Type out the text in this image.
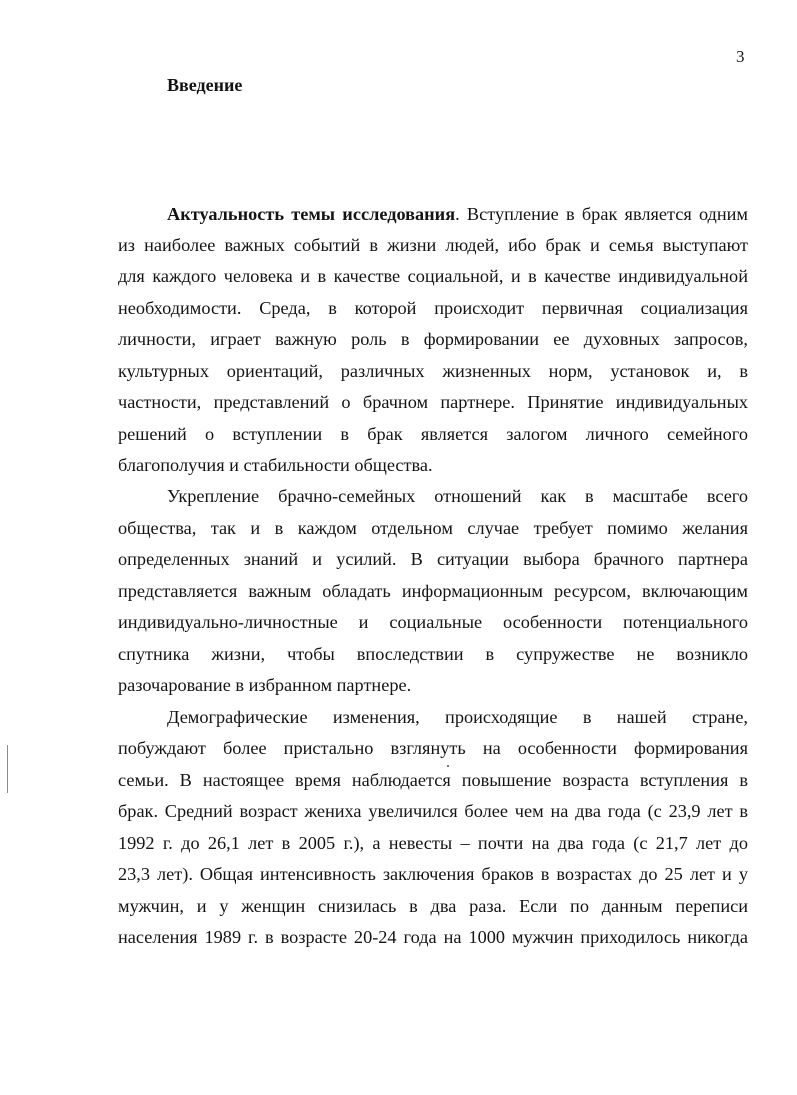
3
Введение
Актуальность темы исследования. Вступление в брак является одним
из наиболее важных событий в жизни людей, ибо брак и семья выступают
для каждого человека и в качестве социальной, и в качестве индивидуальной
необходимости. Среда, в которой происходит первичная социализация
личности, играет важную роль в формировании ее духовных запросов,
культурных ориентаций, различных жизненных норм, установок и, в
частности, представлений о брачном партнере. Принятие индивидуальных
решений о вступлении в брак является залогом личного семейного
благополучия и стабильности общества.
Укрепление брачно-семейных отношений как в масштабе всего
общества, так и в каждом отдельном случае требует помимо желания
определенных знаний и усилий. В ситуации выбора брачного партнера
представляется важным обладать информационным ресурсом, включающим
индивидуально-личностные и социальные особенности потенциального
спутника жизни, чтобы впоследствии в супружестве не возникло
разочарование в избранном партнере.
Демографические изменения, происходящие в нашей стране,
побуждают более пристально взглянуть на особенности формирования
семьи. В настоящее время наблюдается повышение возраста вступления в
брак. Средний возраст жениха увеличился более чем на два года (с 23,9 лет в
1992 г. до 26,1 лет в 2005 г.), а невесты – почти на два года (с 21,7 лет до
23,3 лет). Общая интенсивность заключения браков в возрастах до 25 лет и у
мужчин, и у женщин снизилась в два раза. Если по данным переписи
населения 1989 г. в возрасте 20-24 года на 1000 мужчин приходилось никогда
